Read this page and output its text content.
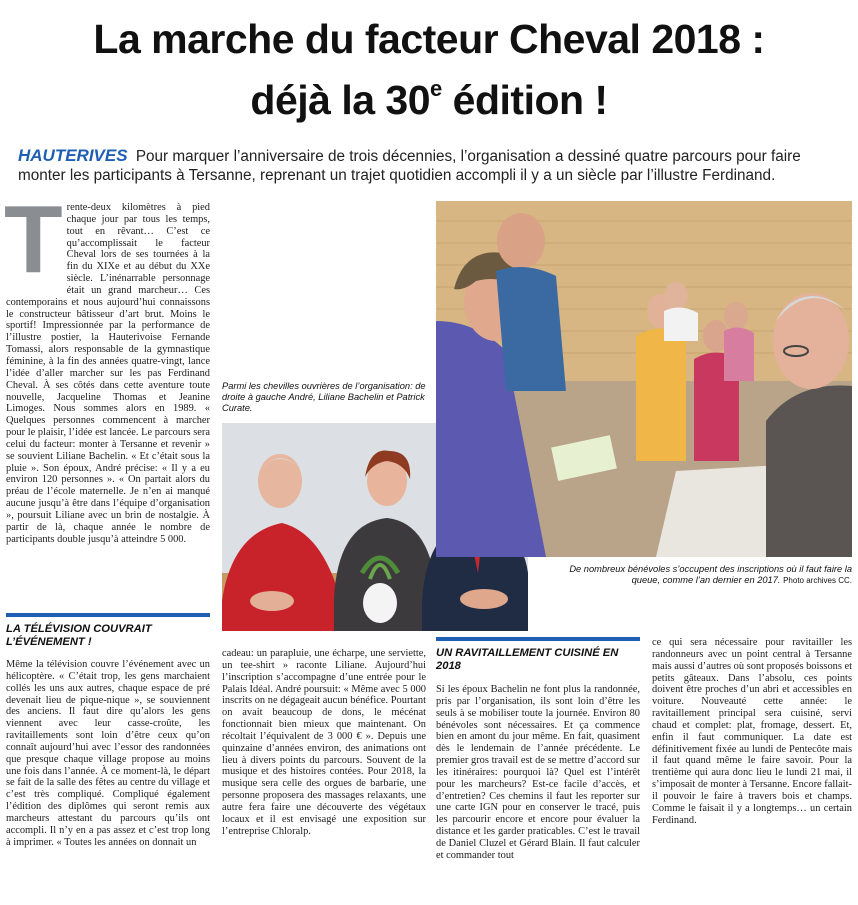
La marche du facteur Cheval 2018 :
déjà la 30e édition !
HAUTERIVES Pour marquer l’anniversaire de trois décennies, l’organisation a dessiné quatre parcours pour faire monter les participants à Tersanne, reprenant un trajet quotidien accompli il y a un siècle par l’illustre Ferdinand.
T rente-deux kilomètres à pied chaque jour par tous les temps, tout en rêvant… C’est ce qu’accomplissait le facteur Cheval lors de ses tournées à la fin du XIXe et au début du XXe siècle. L’inénarrable personnage était un grand marcheur… Ces contemporains et nous aujourd’hui connaissons le constructeur bâtisseur d’art brut. Moins le sportif! Impressionnée par la performance de l’illustre postier, la Hauterivoise Fernande Tomassi, alors responsable de la gymnastique féminine, à la fin des années quatre-vingt, lance l’idée d’aller marcher sur les pas Ferdinand Cheval. À ses côtés dans cette aventure toute nouvelle, Jacqueline Thomas et Jeanine Limoges. Nous sommes alors en 1989. « Quelques personnes commencent à marcher pour le plaisir, l’idée est lancée. Le parcours sera celui du facteur: monter à Tersanne et revenir » se souvient Liliane Bachelin. « Et c’était sous la pluie ». Son époux, André précise: « Il y a eu environ 120 personnes ». « On partait alors du préau de l’école maternelle. Je n’en ai manqué aucune jusqu’à être dans l’équipe d’organisation », poursuit Liliane avec un brin de nostalgie. À partir de là, chaque année le nombre de participants double jusqu’à atteindre 5 000.

LA TÉLÉVISION COUVRAIT L’ÉVÉNEMENT !

Même la télévision couvre l’événement avec un hélicoptère. « C’était trop, les gens marchaient collés les uns aux autres, chaque espace de pré devenait lieu de pique-nique », se souviennent des anciens. Il faut dire qu’alors les gens viennent avec leur casse-croûte, les ravitaillements sont loin d’être ceux qu’on connaît aujourd’hui avec l’essor des randonnées que presque chaque village propose au moins une fois dans l’année. À ce moment-là, le départ se fait de la salle des fêtes au centre du village et c’est très compliqué. Compliqué également l’édition des diplômes qui seront remis aux marcheurs attestant du parcours qu’ils ont accompli. Il n’y en a pas assez et c’est trop long à imprimer. « Toutes les années on donnait un

cadeau: un parapluie, une écharpe, une serviette, un tee-shirt » raconte Liliane. Aujourd’hui l’inscription s’accompagne d’une entrée pour le Palais Idéal. André poursuit: « Même avec 5 000 inscrits on ne dégageait aucun bénéfice. Pourtant on avait beaucoup de dons, le mécénat fonctionnait bien mieux que maintenant. On récoltait l’équivalent de 3 000 € ». Depuis une quinzaine d’années environ, des animations ont lieu à divers points du parcours. Souvent de la musique et des histoires contées. Pour 2018, la musique sera celle des orgues de barbarie, une personne proposera des massages relaxants, une autre fera faire une découverte des végétaux locaux et il est envisagé une exposition sur l’entreprise Chloralp.

UN RAVITAILLEMENT CUISINÉ EN 2018

Si les époux Bachelin ne font plus la randonnée, pris par l’organisation, ils sont loin d’être les seuls à se mobiliser toute la journée. Environ 80 bénévoles sont nécessaires. Et ça commence bien en amont du jour même. En fait, quasiment dès le lendemain de l’année précédente. Le premier gros travail est de se mettre d’accord sur les itinéraires: pourquoi là? Quel est l’intérêt pour les marcheurs? Est-ce facile d’accès, et d’entretien? Ces chemins il faut les reporter sur une carte IGN pour en conserver le tracé, puis les parcourir encore et encore pour évaluer la distance et les garder praticables. C’est le travail de Daniel Cluzel et Gérard Blain. Il faut calculer et commander tout

ce qui sera nécessaire pour ravitailler les randonneurs avec un point central à Tersanne mais aussi d’autres où sont proposés boissons et petits gâteaux. Dans l’absolu, ces points doivent être proches d’un abri et accessibles en voiture. Nouveauté cette année: le ravitaillement principal sera cuisiné, servi chaud et complet: plat, fromage, dessert. Et, enfin il faut communiquer. La date est définitivement fixée au lundi de Pentecôte mais il faut quand même le faire savoir. Pour la trentième qui aura donc lieu le lundi 21 mai, il s’imposait de monter à Tersanne. Encore fallait-il pouvoir le faire à travers bois et champs. Comme le faisait il y a longtemps… un certain Ferdinand.

Parmi les chevilles ouvrières de l’organisation: de droite à gauche André, Liliane Bachelin et Patrick Curate.
De nombreux bénévoles s’occupent des inscriptions où il faut faire la queue, comme l’an dernier en 2017. Photo archives CC.
